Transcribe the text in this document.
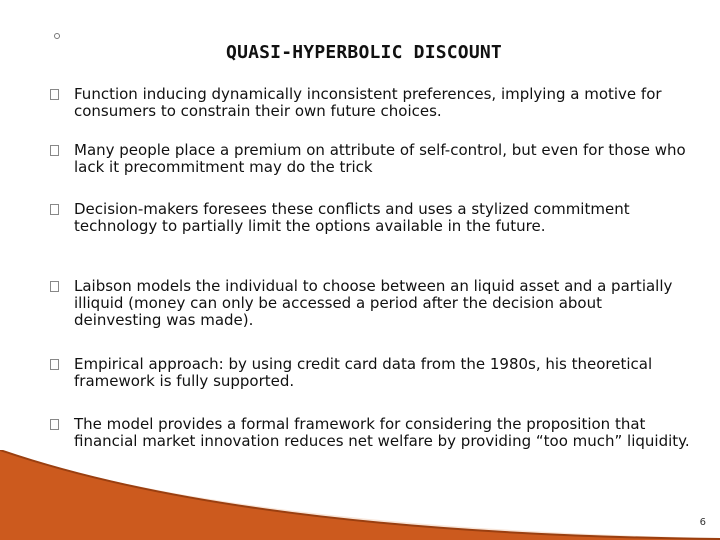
QUASI-HYPERBOLIC DISCOUNT
Function inducing dynamically inconsistent preferences, implying a motive for consumers to constrain their own future choices.
Many people place a premium on attribute of self-control, but even for those who lack it precommitment may do the trick
Decision-makers foresees these conflicts and uses a stylized commitment technology to partially limit the options available in the future.
Laibson models the individual to choose between an liquid asset and a partially illiquid (money can only be accessed a period after the decision about deinvesting was made).
Empirical approach: by using credit card data from the 1980s, his theoretical framework is fully supported.
The model provides a formal framework for considering the proposition that financial market innovation reduces net welfare by providing “too much” liquidity.
6
